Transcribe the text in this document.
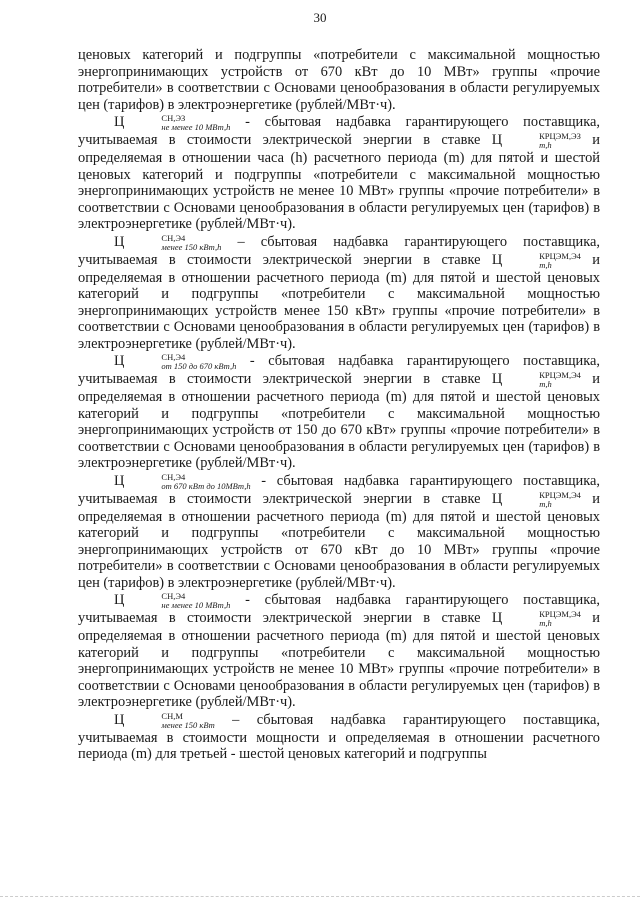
30

ценовых категорий и подгруппы «потребители с максимальной мощностью энергопринимающих устройств от 670 кВт до 10 МВт» группы «прочие потребители» в соответствии с Основами ценообразования в области регулируемых цен (тарифов) в электроэнергетике (рублей/МВт·ч).

Ц	СН,ЭЗ
не менее 10 МВт,h - сбытовая надбавка гарантирующего поставщика, учитываемая в стоимости электрической энергии в ставке Ц	КРЦЭМ,ЭЗ
m,h	и определяемая в отношении часа (h) расчетного периода (m) для пятой и шестой ценовых категорий и подгруппы «потребители с максимальной мощностью энергопринимающих устройств не менее 10 МВт» группы «прочие потребители» в соответствии с Основами ценообразования в области регулируемых цен (тарифов) в электроэнергетике (рублей/МВт·ч).

Ц	СН,Э4
менее 150 кВт,h – сбытовая надбавка гарантирующего поставщика, учитываемая в стоимости электрической энергии в ставке Ц	КРЦЭМ,Э4
m,h	и определяемая в отношении расчетного периода (m) для пятой и шестой ценовых категорий и подгруппы «потребители с максимальной мощностью энергопринимающих устройств менее 150 кВт» группы «прочие потребители» в соответствии с Основами ценообразования в области регулируемых цен (тарифов) в электроэнергетике (рублей/МВт·ч).

Ц	СН,Э4
от 150 до 670 кВт,h - сбытовая надбавка гарантирующего поставщика, учитываемая в стоимости электрической энергии в ставке Ц	КРЦЭМ,Э4
m,h	и определяемая в отношении расчетного периода (m) для пятой и шестой ценовых категорий и подгруппы «потребители с максимальной мощностью энергопринимающих устройств от 150 до 670 кВт» группы «прочие потребители» в соответствии с Основами ценообразования в области регулируемых цен (тарифов) в электроэнергетике (рублей/МВт·ч).

Ц	СН,Э4
от 670 кВт до 10МВт,h - сбытовая надбавка гарантирующего поставщика, учитываемая в стоимости электрической энергии в ставке Ц	КРЦЭМ,Э4
m,h	и определяемая в отношении расчетного периода (m) для пятой и шестой ценовых категорий и подгруппы «потребители с максимальной мощностью энергопринимающих устройств от 670 кВт до 10 МВт» группы «прочие потребители» в соответствии с Основами ценообразования в области регулируемых цен (тарифов) в электроэнергетике (рублей/МВт·ч).

Ц	СН,Э4
не менее 10 МВт,h - сбытовая надбавка гарантирующего поставщика, учитываемая в стоимости электрической энергии в ставке Ц	КРЦЭМ,Э4
m,h	и определяемая в отношении расчетного периода (m) для пятой и шестой ценовых категорий и подгруппы «потребители с максимальной мощностью энергопринимающих устройств не менее 10 МВт» группы «прочие потребители» в соответствии с Основами ценообразования в области регулируемых цен (тарифов) в электроэнергетике (рублей/МВт·ч).

Ц	СН,М
менее 150 кВт – сбытовая надбавка гарантирующего поставщика, учитываемая в стоимости мощности и определяемая в отношении расчетного периода (m) для третьей - шестой ценовых категорий и подгруппы
